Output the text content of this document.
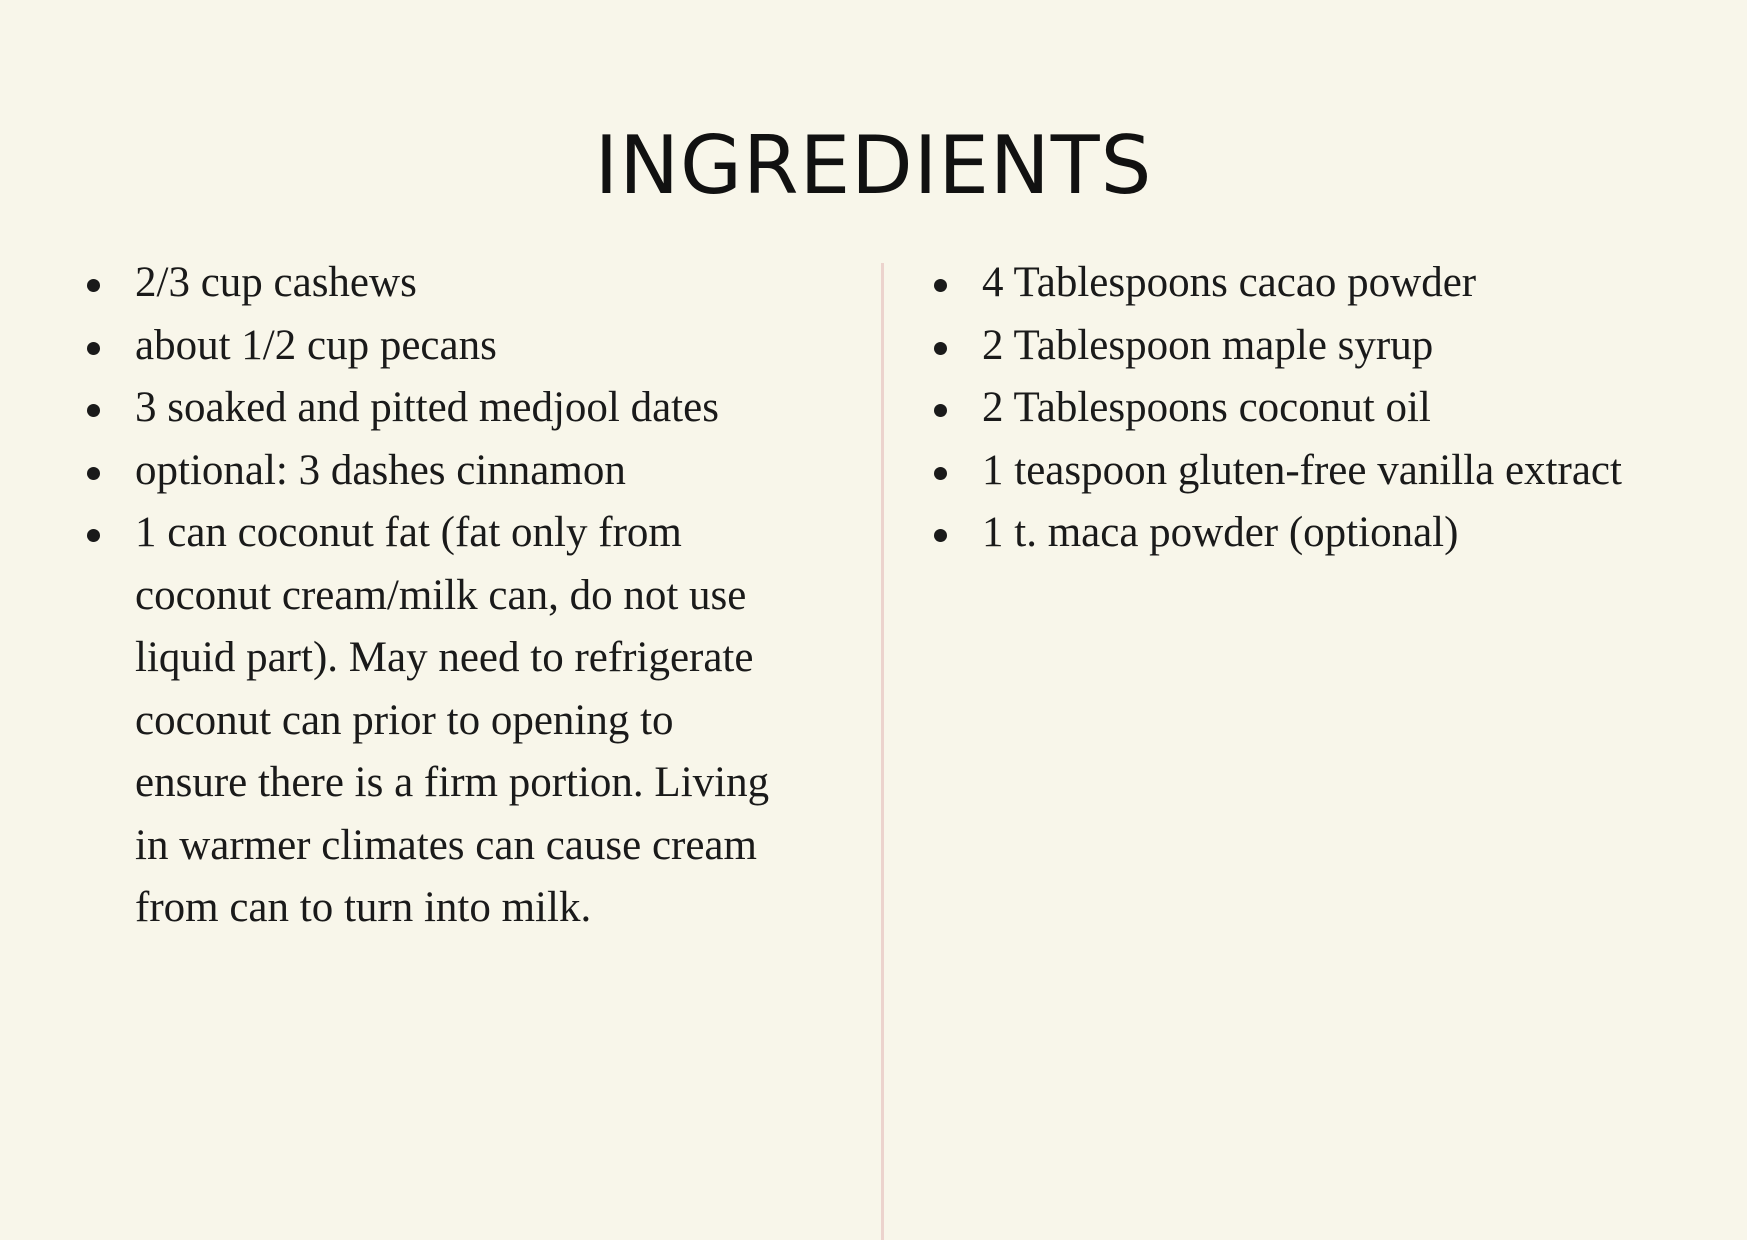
INGREDIENTS
2/3 cup cashews
about 1/2 cup pecans
3 soaked and pitted medjool dates
optional: 3 dashes cinnamon
1 can coconut fat (fat only from coconut cream/milk can, do not use liquid part). May need to refrigerate coconut can prior to opening to ensure there is a firm portion. Living in warmer climates can cause cream from can to turn into milk.
4 Tablespoons cacao powder
2 Tablespoon maple syrup
2 Tablespoons coconut oil
1 teaspoon gluten-free vanilla extract
1 t. maca powder (optional)
